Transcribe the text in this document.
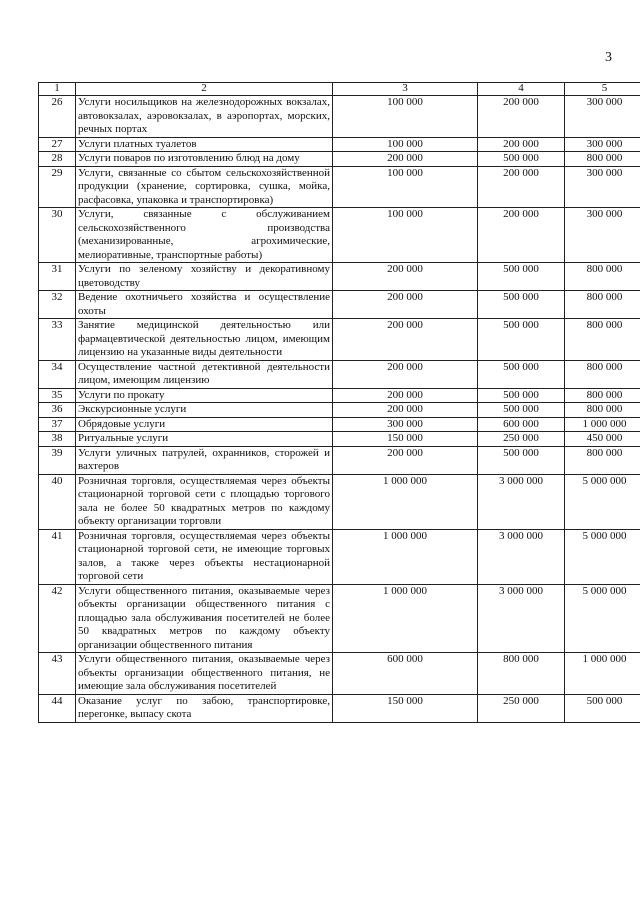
3
1	2	3	4	5
26	Услуги носильщиков на железнодорожных вокзалах, автовокзалах, аэровокзалах, в аэропортах, морских, речных портах	100 000	200 000	300 000
27	Услуги платных туалетов	100 000	200 000	300 000
28	Услуги поваров по изготовлению блюд на дому	200 000	500 000	800 000
29	Услуги, связанные со сбытом сельскохозяйственной продукции (хранение, сортировка, сушка, мойка, расфасовка, упаковка и транспортировка)	100 000	200 000	300 000
30	Услуги, связанные с обслуживанием сельскохозяйственного производства (механизированные, агрохимические, мелиоративные, транспортные работы)	100 000	200 000	300 000
31	Услуги по зеленому хозяйству и декоративному цветоводству	200 000	500 000	800 000
32	Ведение охотничьего хозяйства и осуществление охоты	200 000	500 000	800 000
33	Занятие медицинской деятельностью или фармацевтической деятельностью лицом, имеющим лицензию на указанные виды деятельности	200 000	500 000	800 000
34	Осуществление частной детективной деятельности лицом, имеющим лицензию	200 000	500 000	800 000
35	Услуги по прокату	200 000	500 000	800 000
36	Экскурсионные услуги	200 000	500 000	800 000
37	Обрядовые услуги	300 000	600 000	1 000 000
38	Ритуальные услуги	150 000	250 000	450 000
39	Услуги уличных патрулей, охранников, сторожей и вахтеров	200 000	500 000	800 000
40	Розничная торговля, осуществляемая через объекты стационарной торговой сети с площадью торгового зала не более 50 квадратных метров по каждому объекту организации торговли	1 000 000	3 000 000	5 000 000
41	Розничная торговля, осуществляемая через объекты стационарной торговой сети, не имеющие торговых залов, а также через объекты нестационарной торговой сети	1 000 000	3 000 000	5 000 000
42	Услуги общественного питания, оказываемые через объекты организации общественного питания с площадью зала обслуживания посетителей не более 50 квадратных метров по каждому объекту организации общественного питания	1 000 000	3 000 000	5 000 000
43	Услуги общественного питания, оказываемые через объекты организации общественного питания, не имеющие зала обслуживания посетителей	600 000	800 000	1 000 000
44	Оказание услуг по забою, транспортировке, перегонке, выпасу скота	150 000	250 000	500 000
